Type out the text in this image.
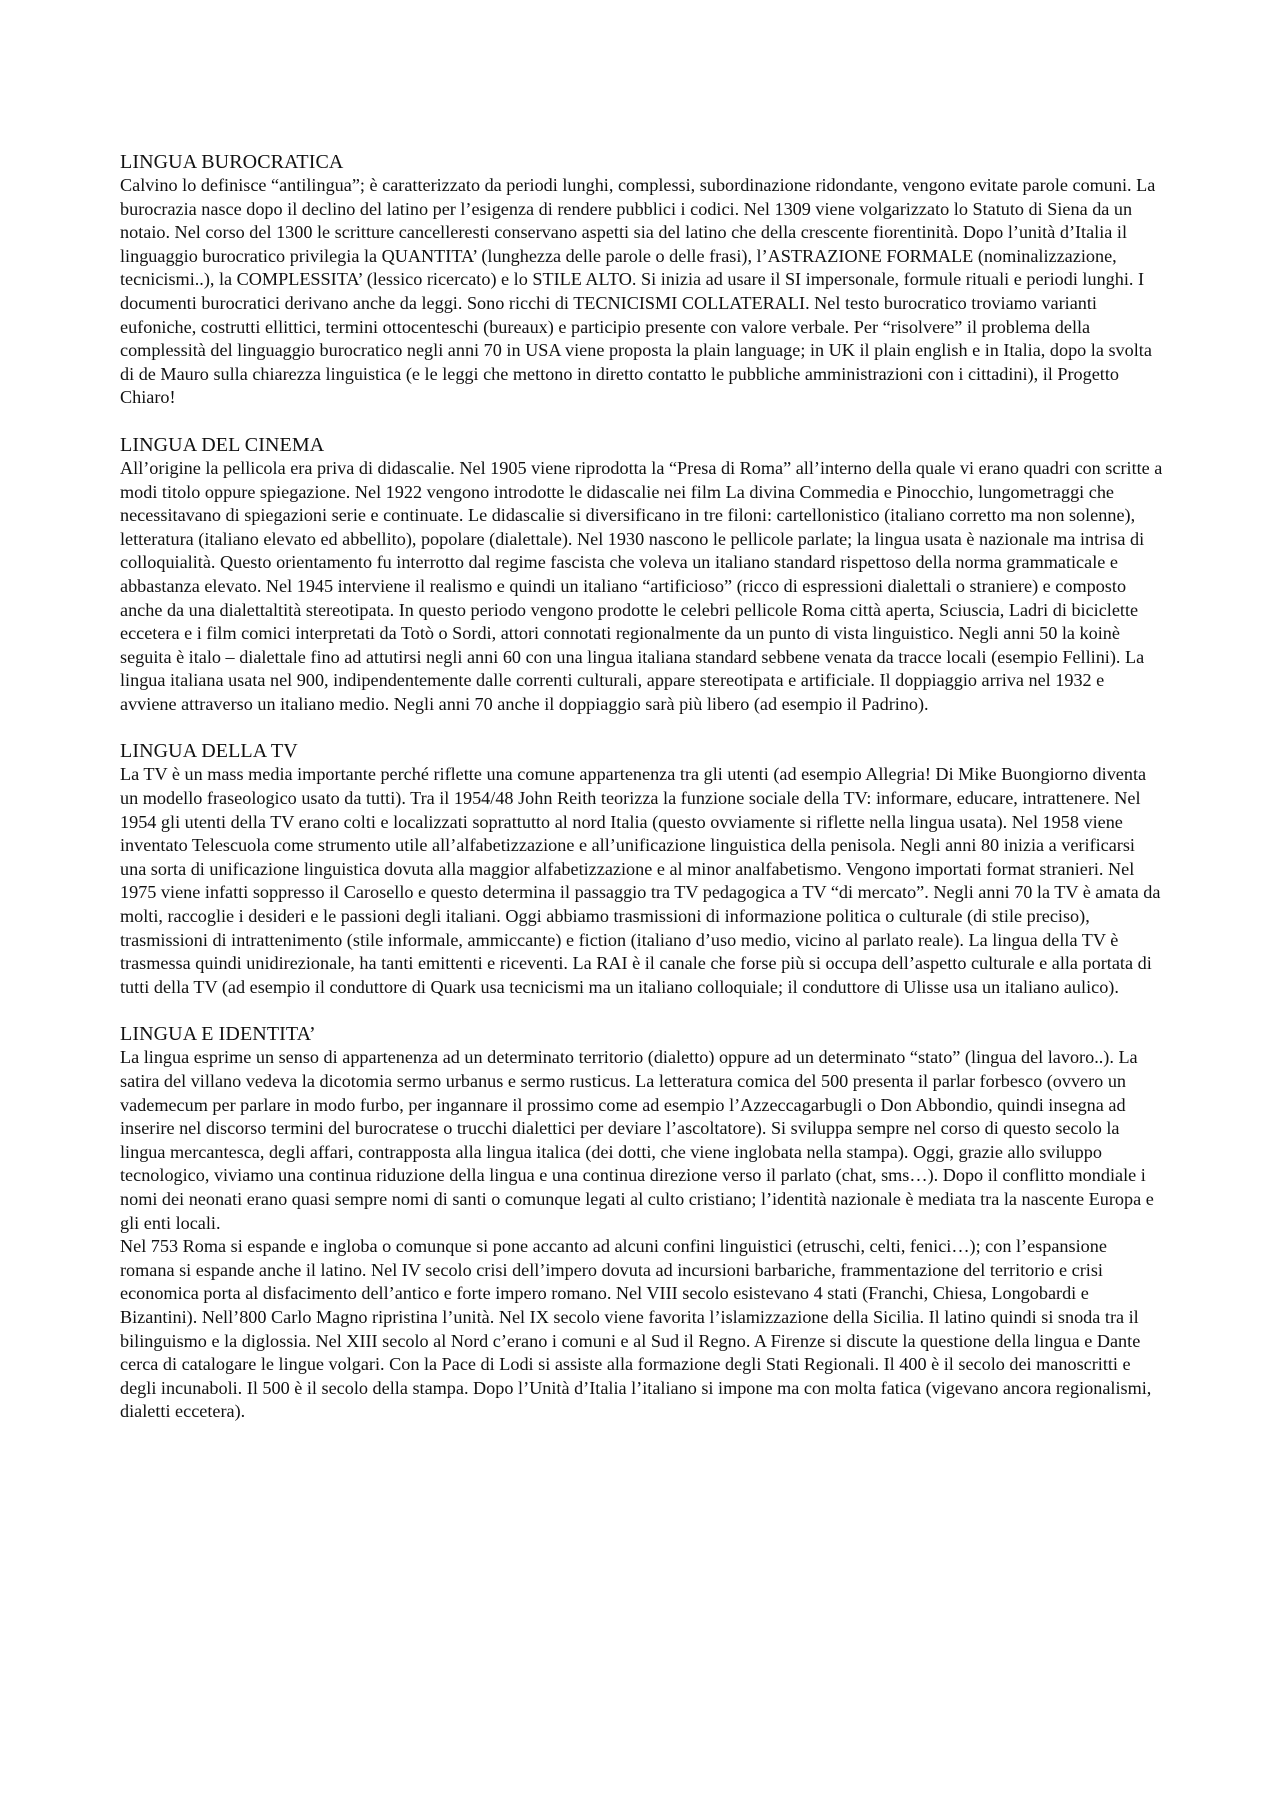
LINGUA BUROCRATICA

Calvino lo definisce “antilingua”; è caratterizzato da periodi lunghi, complessi, subordinazione ridondante, vengono evitate parole comuni. La burocrazia nasce dopo il declino del latino per l’esigenza di rendere pubblici i codici. Nel 1309 viene volgarizzato lo Statuto di Siena da un notaio. Nel corso del 1300 le scritture cancelleresti conservano aspetti sia del latino che della crescente fiorentinità. Dopo l’unità d’Italia il linguaggio burocratico privilegia la QUANTITA’ (lunghezza delle parole o delle frasi), l’ASTRAZIONE FORMALE (nominalizzazione, tecnicismi..), la COMPLESSITA’ (lessico ricercato) e lo STILE ALTO. Si inizia ad usare il SI impersonale, formule rituali e periodi lunghi. I documenti burocratici derivano anche da leggi. Sono ricchi di TECNICISMI COLLATERALI. Nel testo burocratico troviamo varianti eufoniche, costrutti ellittici, termini ottocenteschi (bureaux) e participio presente con valore verbale. Per “risolvere” il problema della complessità del linguaggio burocratico negli anni 70 in USA viene proposta la plain language; in UK il plain english e in Italia, dopo la svolta di de Mauro sulla chiarezza linguistica (e le leggi che mettono in diretto contatto le pubbliche amministrazioni con i cittadini), il Progetto Chiaro!

LINGUA DEL CINEMA

All’origine la pellicola era priva di didascalie. Nel 1905 viene riprodotta la “Presa di Roma” all’interno della quale vi erano quadri con scritte a modi titolo oppure spiegazione. Nel 1922 vengono introdotte le didascalie nei film La divina Commedia e Pinocchio, lungometraggi che necessitavano di spiegazioni serie e continuate. Le didascalie si diversificano in tre filoni: cartellonistico (italiano corretto ma non solenne), letteratura (italiano elevato ed abbellito), popolare (dialettale). Nel 1930 nascono le pellicole parlate; la lingua usata è nazionale ma intrisa di colloquialità. Questo orientamento fu interrotto dal regime fascista che voleva un italiano standard rispettoso della norma grammaticale e abbastanza elevato. Nel 1945 interviene il realismo e quindi un italiano “artificioso” (ricco di espressioni dialettali o straniere) e composto anche da una dialettaltità stereotipata. In questo periodo vengono prodotte le celebri pellicole Roma città aperta, Sciuscia, Ladri di biciclette eccetera e i film comici interpretati da Totò o Sordi, attori connotati regionalmente da un punto di vista linguistico. Negli anni 50 la koinè seguita è italo – dialettale fino ad attutirsi negli anni 60 con una lingua italiana standard sebbene venata da tracce locali (esempio Fellini). La lingua italiana usata nel 900, indipendentemente dalle correnti culturali, appare stereotipata e artificiale. Il doppiaggio arriva nel 1932 e avviene attraverso un italiano medio. Negli anni 70 anche il doppiaggio sarà più libero (ad esempio il Padrino).

LINGUA DELLA TV

La TV è un mass media importante perché riflette una comune appartenenza tra gli utenti (ad esempio Allegria! Di Mike Buongiorno diventa un modello fraseologico usato da tutti). Tra il 1954/48 John Reith teorizza la funzione sociale della TV: informare, educare, intrattenere. Nel 1954 gli utenti della TV erano colti e localizzati soprattutto al nord Italia (questo ovviamente si riflette nella lingua usata). Nel 1958 viene inventato Telescuola come strumento utile all’alfabetizzazione e all’unificazione linguistica della penisola. Negli anni 80 inizia a verificarsi una sorta di unificazione linguistica dovuta alla maggior alfabetizzazione e al minor analfabetismo. Vengono importati format stranieri. Nel 1975 viene infatti soppresso il Carosello e questo determina il passaggio tra TV pedagogica a TV “di mercato”. Negli anni 70 la TV è amata da molti, raccoglie i desideri e le passioni degli italiani. Oggi abbiamo trasmissioni di informazione politica o culturale (di stile preciso), trasmissioni di intrattenimento (stile informale, ammiccante) e fiction (italiano d’uso medio, vicino al parlato reale). La lingua della TV è trasmessa quindi unidirezionale, ha tanti emittenti e riceventi. La RAI è il canale che forse più si occupa dell’aspetto culturale e alla portata di tutti della TV (ad esempio il conduttore di Quark usa tecnicismi ma un italiano colloquiale; il conduttore di Ulisse usa un italiano aulico).

LINGUA E IDENTITA’

La lingua esprime un senso di appartenenza ad un determinato territorio (dialetto) oppure ad un determinato “stato” (lingua del lavoro..). La satira del villano vedeva la dicotomia sermo urbanus e sermo rusticus. La letteratura comica del 500 presenta il parlar forbesco (ovvero un vademecum per parlare in modo furbo, per ingannare il prossimo come ad esempio l’Azzeccagarbugli o Don Abbondio, quindi insegna ad inserire nel discorso termini del burocratese o trucchi dialettici per deviare l’ascoltatore). Si sviluppa sempre nel corso di questo secolo la lingua mercantesca, degli affari, contrapposta alla lingua italica (dei dotti, che viene inglobata nella stampa). Oggi, grazie allo sviluppo tecnologico, viviamo una continua riduzione della lingua e una continua direzione verso il parlato (chat, sms…). Dopo il conflitto mondiale i nomi dei neonati erano quasi sempre nomi di santi o comunque legati al culto cristiano; l’identità nazionale è mediata tra la nascente Europa e gli enti locali.

Nel 753 Roma si espande e ingloba o comunque si pone accanto ad alcuni confini linguistici (etruschi, celti, fenici…); con l’espansione romana si espande anche il latino. Nel IV secolo crisi dell’impero dovuta ad incursioni barbariche, frammentazione del territorio e crisi economica porta al disfacimento dell’antico e forte impero romano. Nel VIII secolo esistevano 4 stati (Franchi, Chiesa, Longobardi e Bizantini). Nell’800 Carlo Magno ripristina l’unità. Nel IX secolo viene favorita l’islamizzazione della Sicilia. Il latino quindi si snoda tra il bilinguismo e la diglossia. Nel XIII secolo al Nord c’erano i comuni e al Sud il Regno. A Firenze si discute la questione della lingua e Dante cerca di catalogare le lingue volgari. Con la Pace di Lodi si assiste alla formazione degli Stati Regionali. Il 400 è il secolo dei manoscritti e degli incunaboli. Il 500 è il secolo della stampa. Dopo l’Unità d’Italia l’italiano si impone ma con molta fatica (vigevano ancora regionalismi, dialetti eccetera).
